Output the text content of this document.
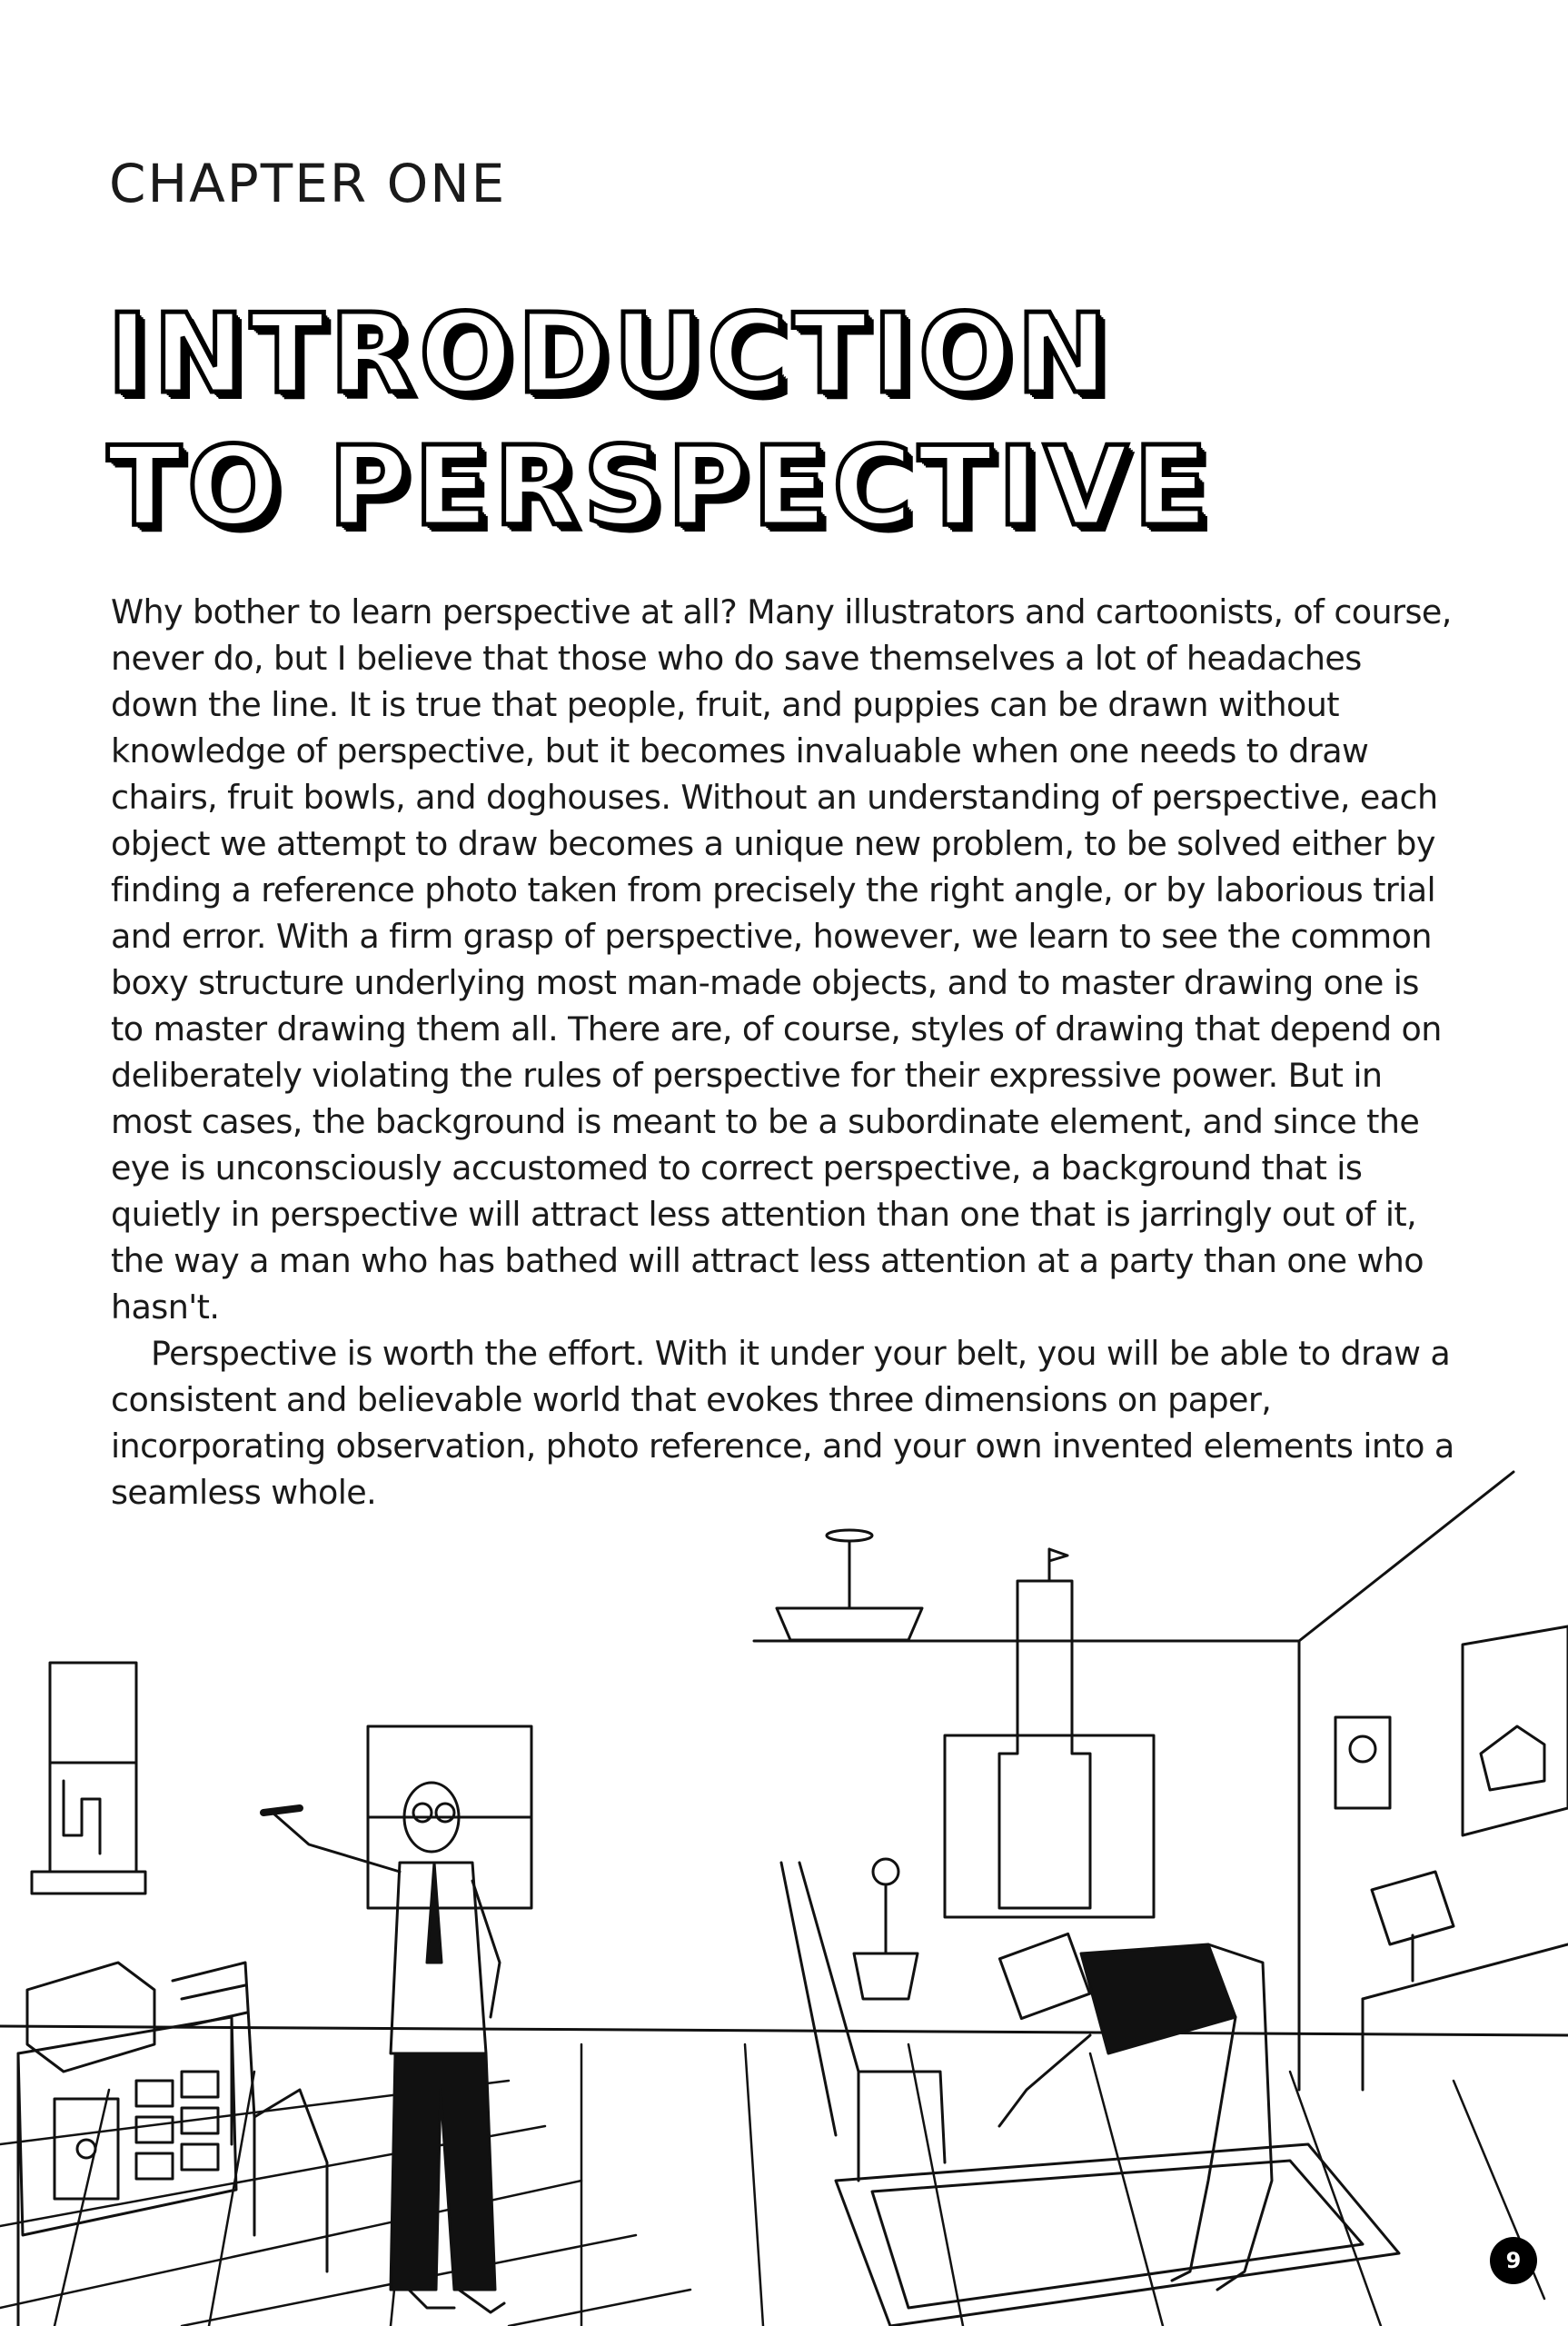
CHAPTER ONE
INTRODUCTION
TO PERSPECTIVE

Why bother to learn perspective at all? Many illustrators and cartoonists, of course, never do, but I believe that those who do save themselves a lot of headaches down the line. It is true that people, fruit, and puppies can be drawn without knowledge of perspective, but it becomes invaluable when one needs to draw chairs, fruit bowls, and doghouses. Without an understanding of perspective, each object we attempt to draw becomes a unique new problem, to be solved either by finding a reference photo taken from precisely the right angle, or by laborious trial and error. With a firm grasp of perspective, however, we learn to see the common boxy structure underlying most man-made objects, and to master drawing one is to master drawing them all. There are, of course, styles of drawing that depend on deliberately violating the rules of perspective for their expressive power. But in most cases, the background is meant to be a subordinate element, and since the eye is unconsciously accustomed to correct perspective, a background that is quietly in perspective will attract less attention than one that is jarringly out of it, the way a man who has bathed will attract less attention at a party than one who hasn't.

Perspective is worth the effort. With it under your belt, you will be able to draw a consistent and believable world that evokes three dimensions on paper, incorporating observation, photo reference, and your own invented elements into a seamless whole.

9
